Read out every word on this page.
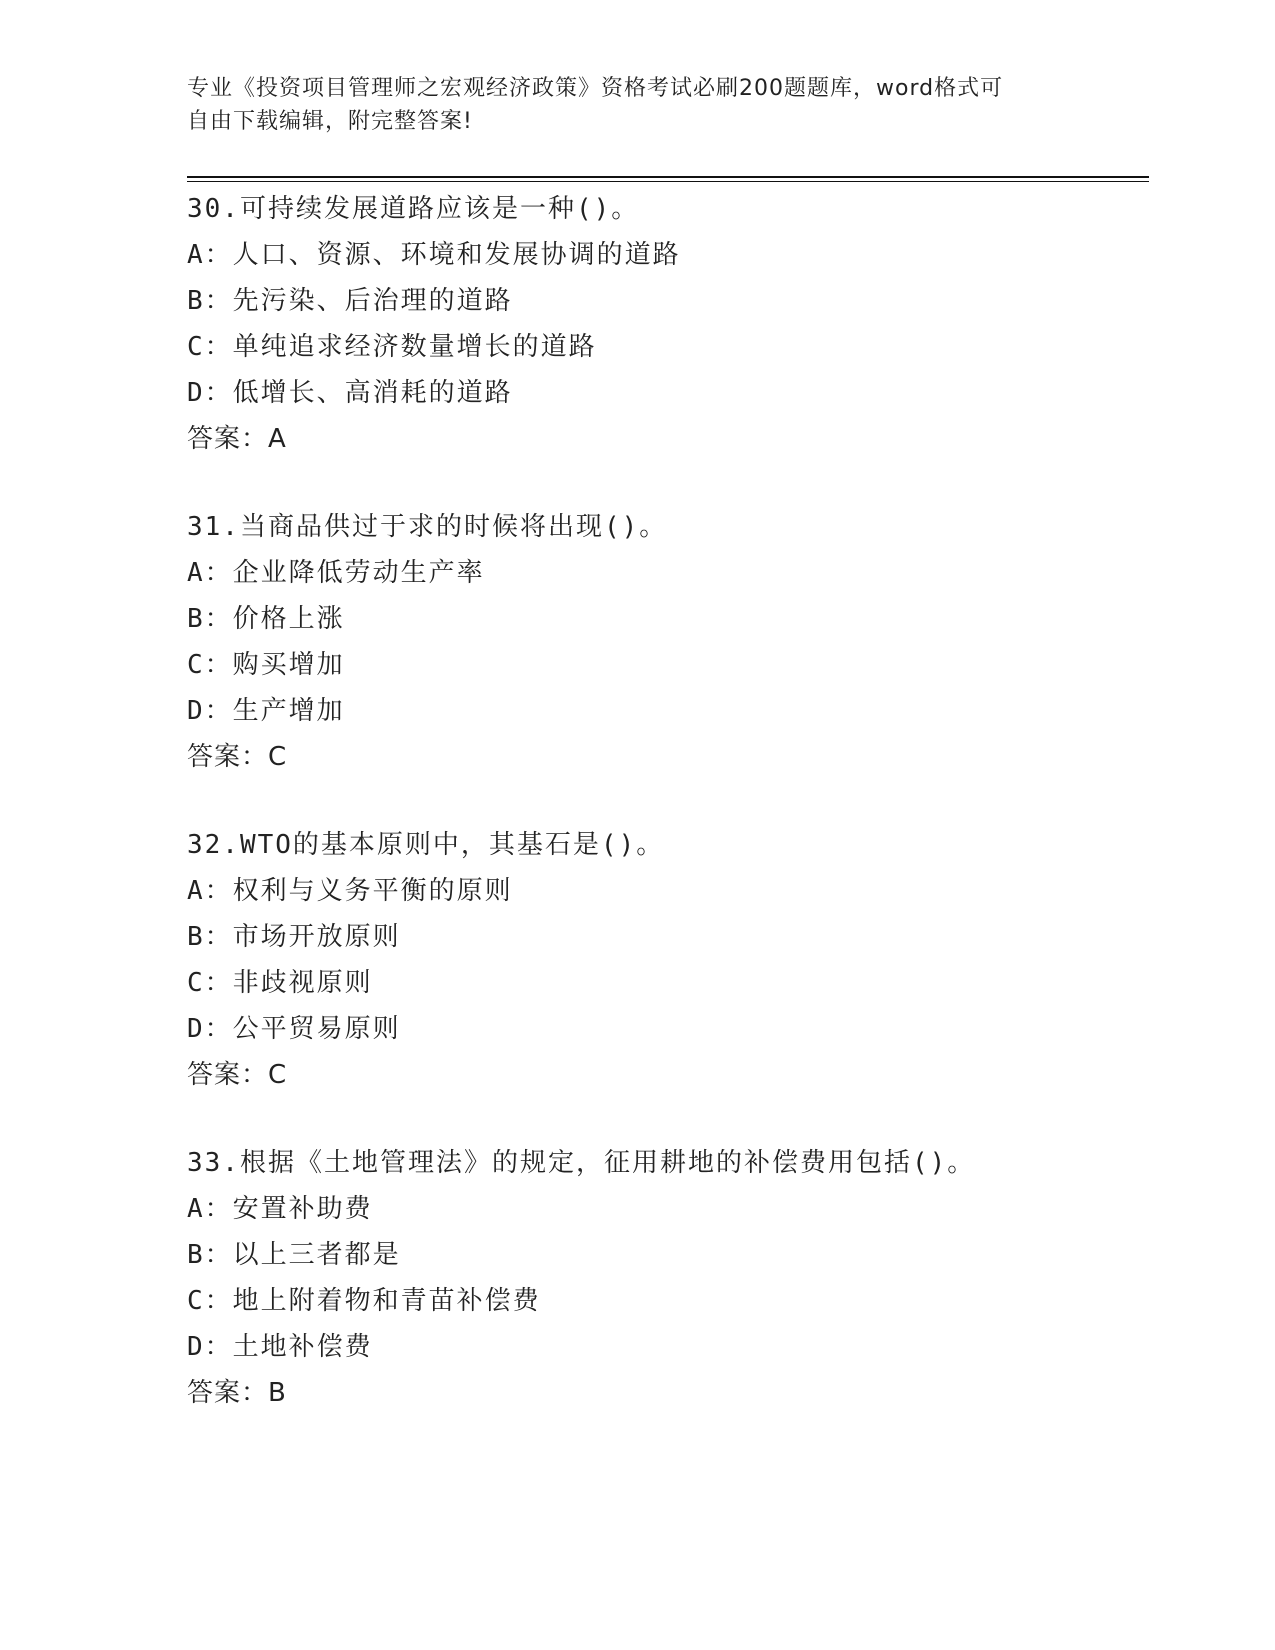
专业《投资项目管理师之宏观经济政策》资格考试必刷200题题库，word格式可
自由下载编辑，附完整答案!
30.可持续发展道路应该是一种()。
A：人口、资源、环境和发展协调的道路
B：先污染、后治理的道路
C：单纯追求经济数量增长的道路
D：低增长、高消耗的道路
答案：A
31.当商品供过于求的时候将出现()。
A：企业降低劳动生产率
B：价格上涨
C：购买增加
D：生产增加
答案：C
32.WTO的基本原则中，其基石是()。
A：权利与义务平衡的原则
B：市场开放原则
C：非歧视原则
D：公平贸易原则
答案：C
33.根据《土地管理法》的规定，征用耕地的补偿费用包括()。
A：安置补助费
B：以上三者都是
C：地上附着物和青苗补偿费
D：土地补偿费
答案：B
